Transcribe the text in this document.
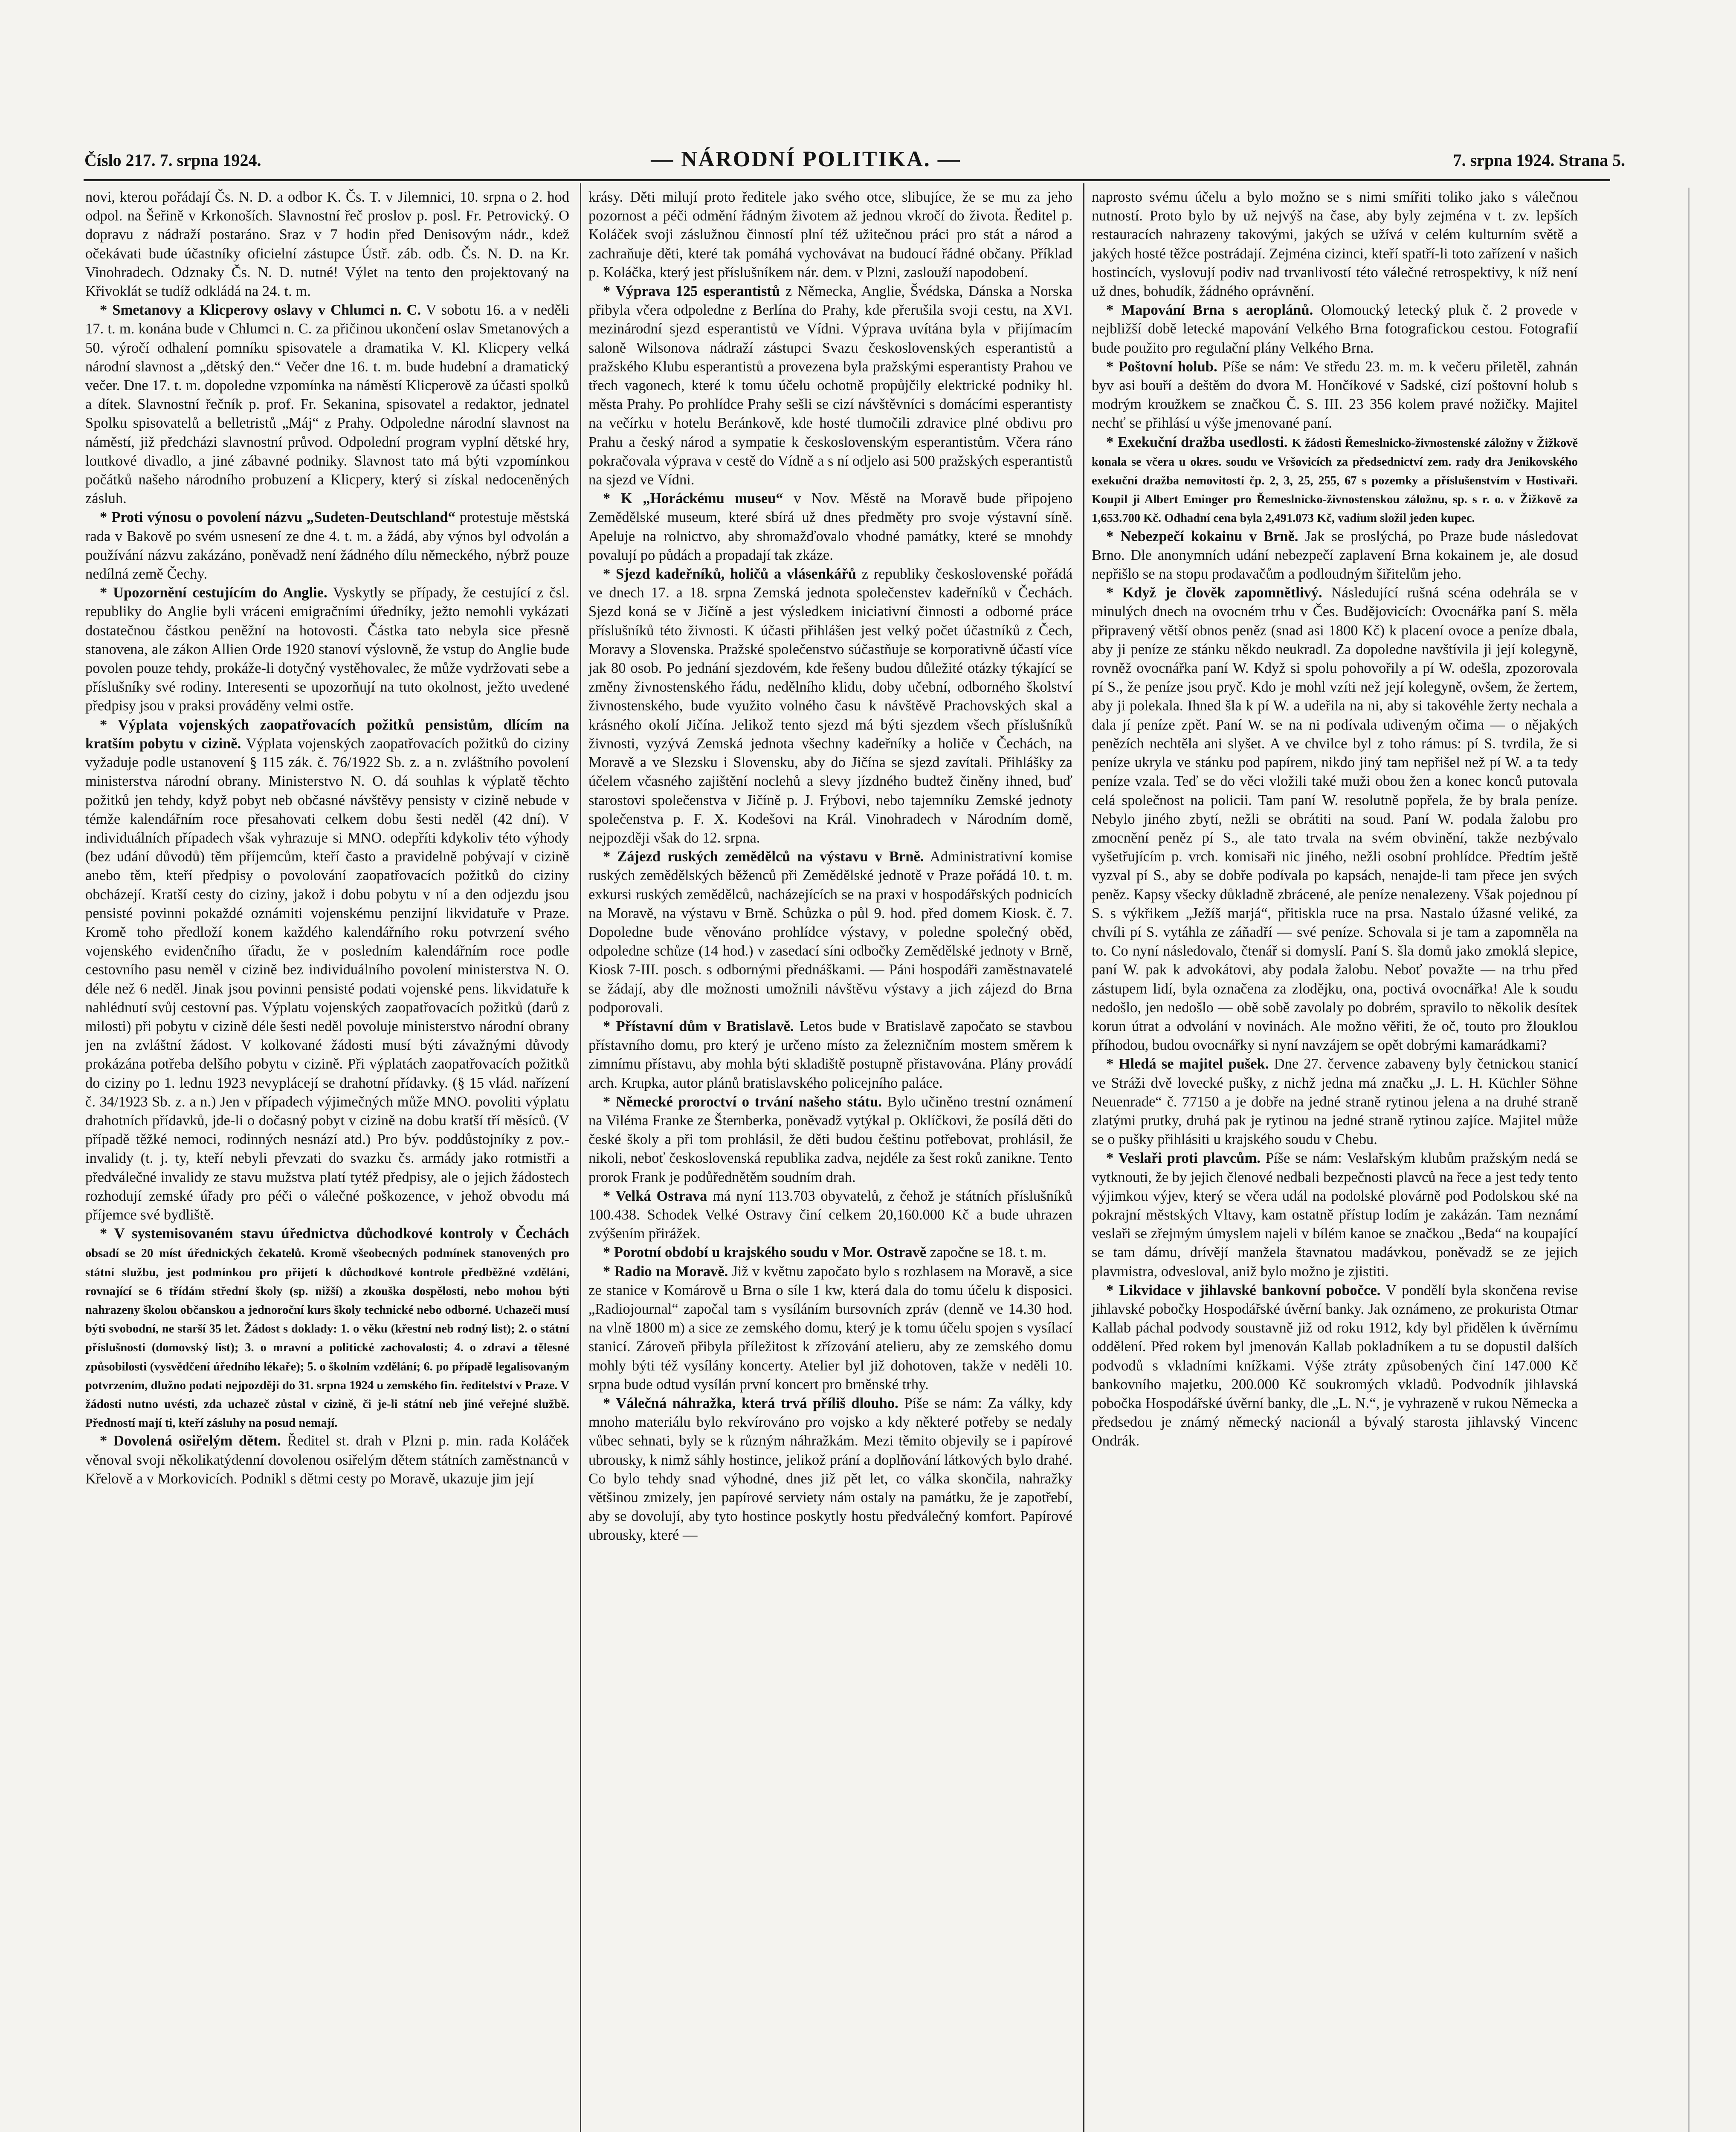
Číslo 217. 7. srpna 1924.	— NÁRODNÍ POLITIKA. —	7. srpna 1924. Strana 5.

novi, kterou pořádají Čs. N. D. a odbor K. Čs. T. v Jilemnici, 10. srpna o 2. hod odpol. na Šeřině v Krkonoších. Slavnostní řeč proslov p. posl. Fr. Petrovický. O dopravu z nádraží postaráno. Sraz v 7 hodin před Denisovým nádr., kdež očekávati bude účastníky oficielní zástupce Ústř. záb. odb. Čs. N. D. na Kr. Vinohradech. Odznaky Čs. N. D. nutné! Výlet na tento den projektovaný na Křivoklát se tudíž odkládá na 24. t. m.

* Smetanovy a Klicperovy oslavy v Chlumci n. C. V sobotu 16. a v neděli 17. t. m. konána bude v Chlumci n. C. za přičinou ukončení oslav Smetanových a 50. výročí odhalení pomníku spisovatele a dramatika V. Kl. Klicpery velká národní slavnost a „dětský den.“ Večer dne 16. t. m. bude hudební a dramatický večer. Dne 17. t. m. dopoledne vzpomínka na náměstí Klicperově za účasti spolků a dítek. Slavnostní řečník p. prof. Fr. Sekanina, spisovatel a redaktor, jednatel Spolku spisovatelů a belletristů „Máj“ z Prahy. Odpoledne národní slavnost na náměstí, již předcházi slavnostní průvod. Odpolední program vyplní dětské hry, loutkové divadlo, a jiné zábavné podniky. Slavnost tato má býti vzpomínkou počátků našeho národního probuzení a Klicpery, který si získal nedoceněných zásluh.

* Proti výnosu o povolení názvu „Sudeten-Deutschland“ protestuje městská rada v Bakově po svém usnesení ze dne 4. t. m. a žádá, aby výnos byl odvolán a používání názvu zakázáno, poněvadž není žádného dílu německého, nýbrž pouze nedílná země Čechy.

* Upozornění cestujícím do Anglie. Vyskytly se případy, že cestující z čsl. republiky do Anglie byli vráceni emigračními úředníky, ježto nemohli vykázati dostatečnou částkou peněžní na hotovosti. Částka tato nebyla sice přesně stanovena, ale zákon Allien Orde 1920 stanoví výslovně, že vstup do Anglie bude povolen pouze tehdy, prokáže-li dotyčný vystěhovalec, že může vydržovati sebe a příslušníky své rodiny. Interesenti se upozorňují na tuto okolnost, ježto uvedené předpisy jsou v praksi prováděny velmi ostře.

* Výplata vojenských zaopatřovacích požitků pensistům, dlícím na kratším pobytu v cizině. Výplata vojenských zaopatřovacích požitků do ciziny vyžaduje podle ustanovení § 115 zák. č. 76/1922 Sb. z. a n. zvláštního povolení ministerstva národní obrany. Ministerstvo N. O. dá souhlas k výplatě těchto požitků jen tehdy, když pobyt neb občasné návštěvy pensisty v cizině nebude v témže kalendářním roce přesahovati celkem dobu šesti neděl (42 dní). V individuálních případech však vyhrazuje si MNO. odepříti kdykoliv této výhody (bez udání důvodů) těm příjemcům, kteří často a pravidelně pobývají v cizině anebo těm, kteří předpisy o povolování zaopatřovacích požitků do ciziny obcházejí. Kratší cesty do ciziny, jakož i dobu pobytu v ní a den odjezdu jsou pensisté povinni pokaždé oznámiti vojenskému penzijní likvidatuře v Praze. Kromě toho předloží konem každého kalendářního roku potvrzení svého vojenského evidenčního úřadu, že v posledním kalendářním roce podle cestovního pasu neměl v cizině bez individuálního povolení ministerstva N. O. déle než 6 neděl. Jinak jsou povinni pensisté podati vojenské pens. likvidatuře k nahlédnutí svůj cestovní pas. Výplatu vojenských zaopatřovacích požitků (darů z milosti) při pobytu v cizině déle šesti neděl povoluje ministerstvo národní obrany jen na zvláštní žádost. V kolkované žádosti musí býti závažnými důvody prokázána potřeba delšího pobytu v cizině. Při výplatách zaopatřovacích požitků do ciziny po 1. lednu 1923 nevyplácejí se drahotní přídavky. (§ 15 vlád. nařízení č. 34/1923 Sb. z. a n.) Jen v případech výjimečných může MNO. povoliti výplatu drahotních přídavků, jde-li o dočasný pobyt v cizině na dobu kratší tří měsíců. (V případě těžké nemoci, rodinných nesnází atd.) Pro býv. poddůstojníky z pov.-invalidy (t. j. ty, kteří nebyli převzati do svazku čs. armády jako rotmistři a předválečné invalidy ze stavu mužstva platí tytéž předpisy, ale o jejich žádostech rozhodují zemské úřady pro péči o válečné poškozence, v jehož obvodu má příjemce své bydliště.

* V systemisovaném stavu úřednictva důchodkové kontroly v Čechách obsadí se 20 míst úřednických čekatelů. Kromě všeobecných podmínek stanovených pro státní službu, jest podmínkou pro přijetí k důchodkové kontrole předběžné vzdělání, rovnající se 6 třídám střední školy (sp. nižší) a zkouška dospělosti, nebo mohou býti nahrazeny školou občanskou a jednoroční kurs školy technické nebo odborné. Uchazeči musí býti svobodní, ne starší 35 let. Žádost s doklady: 1. o věku (křestní neb rodný list); 2. o státní příslušnosti (domovský list); 3. o mravní a politické zachovalosti; 4. o zdraví a tělesné způsobilosti (vysvědčení úředního lékaře); 5. o školním vzdělání; 6. po případě legalisovaným potvrzením, dlužno podati nejpozději do 31. srpna 1924 u zemského fin. ředitelství v Praze. V žádosti nutno uvésti, zda uchazeč zůstal v cizině, či je-li státní neb jiné veřejné službě. Předností mají ti, kteří zásluhy na posud nemají.

* Dovolená osiřelým dětem. Ředitel st. drah v Plzni p. min. rada Koláček věnoval svoji několikatýdenní dovolenou osiřelým dětem státních zaměstnanců v Křelově a v Morkovicích. Podnikl s dětmi cesty po Moravě, ukazuje jim její

krásy. Děti milují proto ředitele jako svého otce, slibujíce, že se mu za jeho pozornost a péči odmění řádným životem až jednou vkročí do života. Ředitel p. Koláček svoji záslužnou činností plní též užitečnou práci pro stát a národ a zachraňuje děti, které tak pomáhá vychovávat na budoucí řádné občany. Příklad p. Koláčka, který jest příslušníkem nár. dem. v Plzni, zaslouží napodobení.

* Výprava 125 esperantistů z Německa, Anglie, Švédska, Dánska a Norska přibyla včera odpoledne z Berlína do Prahy, kde přerušila svoji cestu, na XVI. mezinárodní sjezd esperantistů ve Vídni. Výprava uvítána byla v přijímacím saloně Wilsonova nádraží zástupci Svazu československých esperantistů a pražského Klubu esperantistů a provezena byla pražskými esperantisty Prahou ve třech vagonech, které k tomu účelu ochotně propůjčily elektrické podniky hl. města Prahy. Po prohlídce Prahy sešli se cizí návštěvníci s domácími esperantisty na večírku v hotelu Beránkově, kde hosté tlumočili zdravice plné obdivu pro Prahu a český národ a sympatie k československým esperantistům. Včera ráno pokračovala výprava v cestě do Vídně a s ní odjelo asi 500 pražských esperantistů na sjezd ve Vídni.

* K „Horáckému museu“ v Nov. Městě na Moravě bude připojeno Zemědělské museum, které sbírá už dnes předměty pro svoje výstavní síně. Apeluje na rolnictvo, aby shromažďovalo vhodné památky, které se mnohdy povalují po půdách a propadají tak zkáze.

* Sjezd kadeřníků, holičů a vlásenkářů z republiky československé pořádá ve dnech 17. a 18. srpna Zemská jednota společenstev kadeřníků v Čechách. Sjezd koná se v Jičíně a jest výsledkem iniciativní činnosti a odborné práce příslušníků této živnosti. K účasti přihlášen jest velký počet účastníků z Čech, Moravy a Slovenska. Pražské společenstvo súčastňuje se korporativně účastí více jak 80 osob. Po jednání sjezdovém, kde řešeny budou důležité otázky týkající se změny živnostenského řádu, nedělního klidu, doby učební, odborného školství živnostenského, bude využito volného času k návštěvě Prachovských skal a krásného okolí Jičína. Jelikož tento sjezd má býti sjezdem všech příslušníků živnosti, vyzývá Zemská jednota všechny kadeřníky a holiče v Čechách, na Moravě a ve Slezsku i Slovensku, aby do Jičína se sjezd zavítali. Přihlášky za účelem včasného zajištění noclehů a slevy jízdného budtež činěny ihned, buď starostovi společenstva v Jičíně p. J. Frýbovi, nebo tajemníku Zemské jednoty společenstva p. F. X. Kodešovi na Král. Vinohradech v Národním domě, nejpozději však do 12. srpna.

* Zájezd ruských zemědělců na výstavu v Brně. Administrativní komise ruských zemědělských běženců při Zemědělské jednotě v Praze pořádá 10. t. m. exkursi ruských zemědělců, nacházejících se na praxi v hospodářských podnicích na Moravě, na výstavu v Brně. Schůzka o půl 9. hod. před domem Kiosk. č. 7. Dopoledne bude věnováno prohlídce výstavy, v poledne společný oběd, odpoledne schůze (14 hod.) v zasedací síni odbočky Zemědělské jednoty v Brně, Kiosk 7-III. posch. s odbornými přednáškami. — Páni hospodáři zaměstnavatelé se žádají, aby dle možnosti umožnili návštěvu výstavy a jich zájezd do Brna podporovali.

* Přístavní dům v Bratislavě. Letos bude v Bratislavě započato se stavbou přístavního domu, pro který je určeno místo za železničním mostem směrem k zimnímu přístavu, aby mohla býti skladiště postupně přistavována. Plány provádí arch. Krupka, autor plánů bratislavského policejního paláce.

* Německé proroctví o trvání našeho státu. Bylo učiněno trestní oznámení na Viléma Franke ze Šternberka, poněvadž vytýkal p. Oklíčkovi, že posílá děti do české školy a při tom prohlásil, že děti budou češtinu potřebovat, prohlásil, že nikoli, neboť československá republika zadva, nejdéle za šest roků zanikne. Tento prorok Frank je podůřednětěm soudním drah.

* Velká Ostrava má nyní 113.703 obyvatelů, z čehož je státních příslušníků 100.438. Schodek Velké Ostravy činí celkem 20,160.000 Kč a bude uhrazen zvýšením přirážek.

* Porotní období u krajského soudu v Mor. Ostravě započne se 18. t. m.

* Radio na Moravě. Již v květnu započato bylo s rozhlasem na Moravě, a sice ze stanice v Komárově u Brna o síle 1 kw, která dala do tomu účelu k disposici. „Radiojournal“ započal tam s vysíláním bursovních zpráv (denně ve 14.30 hod. na vlně 1800 m) a sice ze zemského domu, který je k tomu účelu spojen s vysílací stanicí. Zároveň přibyla příležitost k zřízování atelieru, aby ze zemského domu mohly býti též vysílány koncerty. Atelier byl již dohotoven, takže v neděli 10. srpna bude odtud vysílán první koncert pro brněnské trhy.

* Válečná náhražka, která trvá příliš dlouho. Píše se nám: Za války, kdy mnoho materiálu bylo rekvírováno pro vojsko a kdy některé potřeby se nedaly vůbec sehnati, byly se k různým náhražkám. Mezi těmito objevily se i papírové ubrousky, k nimž sáhly hostince, jelikož prání a doplňování látkových bylo drahé. Co bylo tehdy snad výhodné, dnes již pět let, co válka skončila, nahražky většinou zmizely, jen papírové serviety nám ostaly na památku, že je zapotřebí, aby se dovolují, aby tyto hostince poskytly hostu předválečný komfort. Papírové ubrousky, které —

naprosto svému účelu a bylo možno se s nimi smířiti toliko jako s válečnou nutností. Proto bylo by už nejvýš na čase, aby byly zejména v t. zv. lepších restauracích nahrazeny takovými, jakých se užívá v celém kulturním světě a jakých hosté těžce postrádají. Zejména cizinci, kteří spatří-li toto zařízení v našich hostincích, vyslovují podiv nad trvanlivostí této válečné retrospektivy, k níž není už dnes, bohudík, žádného oprávnění.

* Mapování Brna s aeroplánů. Olomoucký letecký pluk č. 2 provede v nejbližší době letecké mapování Velkého Brna fotografickou cestou. Fotografií bude použito pro regulační plány Velkého Brna.

* Poštovní holub. Píše se nám: Ve středu 23. m. m. k večeru přiletěl, zahnán byv asi bouří a deštěm do dvora M. Hončíkové v Sadské, cizí poštovní holub s modrým kroužkem se značkou Č. S. III. 23 356 kolem pravé nožičky. Majitel nechť se přihlásí u výše jmenované paní.

* Exekuční dražba usedlosti. K žádosti Řemeslnicko-živnostenské záložny v Žižkově konala se včera u okres. soudu ve Vršovicích za předsednictví zem. rady dra Jenikovského exekuční dražba nemovitostí čp. 2, 3, 25, 255, 67 s pozemky a příslušenstvím v Hostivaři. Koupil ji Albert Eminger pro Řemeslnicko-živnostenskou záložnu, sp. s r. o. v Žižkově za 1,653.700 Kč. Odhadní cena byla 2,491.073 Kč, vadium složil jeden kupec.

* Nebezpečí kokainu v Brně. Jak se proslýchá, po Praze bude následovat Brno. Dle anonymních udání nebezpečí zaplavení Brna kokainem je, ale dosud nepřišlo se na stopu prodavačům a podloudným šiřitelům jeho.

* Když je člověk zapomnětlivý. Následující rušná scéna odehrála se v minulých dnech na ovocném trhu v Čes. Budějovicích: Ovocnářka paní S. měla připravený větší obnos peněz (snad asi 1800 Kč) k placení ovoce a peníze dbala, aby ji peníze ze stánku někdo neukradl. Za dopoledne navštívila ji její kolegyně, rovněž ovocnářka paní W. Když si spolu pohovořily a pí W. odešla, zpozorovala pí S., že peníze jsou pryč. Kdo je mohl vzíti než její kolegyně, ovšem, že žertem, aby ji polekala. Ihned šla k pí W. a udeřila na ni, aby si takovéhle žerty nechala a dala jí peníze zpět. Paní W. se na ni podívala udiveným očima — o nějakých penězích nechtěla ani slyšet. A ve chvilce byl z toho rámus: pí S. tvrdila, že si peníze ukryla ve stánku pod papírem, nikdo jiný tam nepřišel než pí W. a ta tedy peníze vzala. Teď se do věci vložili také muži obou žen a konec konců putovala celá společnost na policii. Tam paní W. resolutně popřela, že by brala peníze. Nebylo jiného zbytí, nežli se obrátiti na soud. Paní W. podala žalobu pro zmocnění peněz pí S., ale tato trvala na svém obvinění, takže nezbývalo vyšetřujícím p. vrch. komisaři nic jiného, nežli osobní prohlídce. Předtím ještě vyzval pí S., aby se dobře podívala po kapsách, nenajde-li tam přece jen svých peněz. Kapsy všecky důkladně zbrácené, ale peníze nenalezeny. Však pojednou pí S. s výkřikem „Ježíš marjá“, přitiskla ruce na prsa. Nastalo úžasné veliké, za chvíli pí S. vytáhla ze záňadří — své peníze. Schovala si je tam a zapomněla na to. Co nyní následovalo, čtenář si domyslí. Paní S. šla domů jako zmoklá slepice, paní W. pak k advokátovi, aby podala žalobu. Neboť považte — na trhu před zástupem lidí, byla označena za zlodějku, ona, poctivá ovocnářka! Ale k soudu nedošlo, jen nedošlo — obě sobě zavolaly po dobrém, spravilo to několik desítek korun útrat a odvolání v novinách. Ale možno věřiti, že oč, touto pro žlouklou příhodou, budou ovocnářky si nyní navzájem se opět dobrými kamarádkami?

* Hledá se majitel pušek. Dne 27. července zabaveny byly četnickou stanicí ve Stráži dvě lovecké pušky, z nichž jedna má značku „J. L. H. Küchler Söhne Neuenrade“ č. 77150 a je dobře na jedné straně rytinou jelena a na druhé straně zlatými prutky, druhá pak je rytinou na jedné straně rytinou zajíce. Majitel může se o pušky přihlásiti u krajského soudu v Chebu.

* Veslaři proti plavcům. Píše se nám: Veslařským klubům pražským nedá se vytknouti, že by jejich členové nedbali bezpečnosti plavců na řece a jest tedy tento výjimkou výjev, který se včera udál na podolské plovárně pod Podolskou ské na pokrajní městských Vltavy, kam ostatně přístup lodím je zakázán. Tam neznámí veslaři se zřejmým úmyslem najeli v bílém kanoe se značkou „Beda“ na koupající se tam dámu, drívějí manžela štavnatou madávkou, poněvadž se ze jejich plavmistra, odvesloval, aniž bylo možno je zjistiti.

* Likvidace v jihlavské bankovní pobočce. V pondělí byla skončena revise jihlavské pobočky Hospodářské úvěrní banky. Jak oznámeno, ze prokurista Otmar Kallab páchal podvody soustavně již od roku 1912, kdy byl přidělen k úvěrnímu oddělení. Před rokem byl jmenován Kallab pokladníkem a tu se dopustil dalších podvodů s vkladními knížkami. Výše ztráty způsobených činí 147.000 Kč bankovního majetku, 200.000 Kč soukromých vkladů. Podvodník jihlavská pobočka Hospodářské úvěrní banky, dle „L. N.“, je vyhrazeně v rukou Německa a předsedou je známý německý nacionál a bývalý starosta jihlavský Vincenc Ondrák.
